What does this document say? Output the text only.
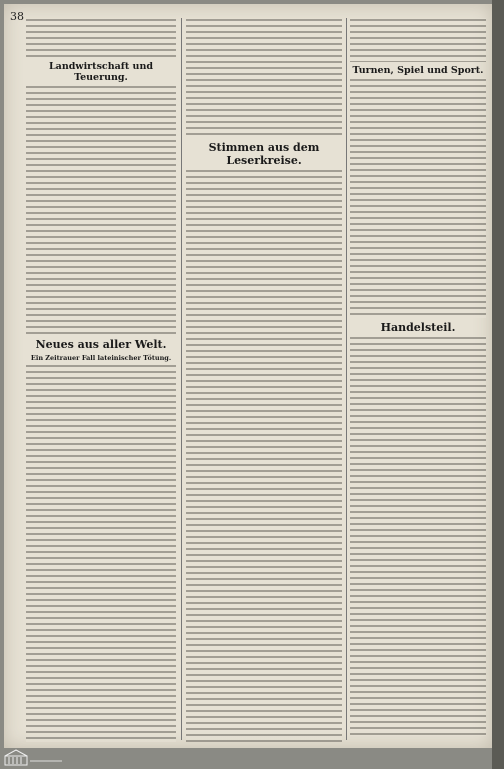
38
Landwirtschaft und Teuerung.
Neues aus aller Welt.
Ein Zeitrauer Fall lateinischer Tötung.
Stimmen aus dem Leserkreise.
Turnen, Spiel und Sport.
Handelsteil.
